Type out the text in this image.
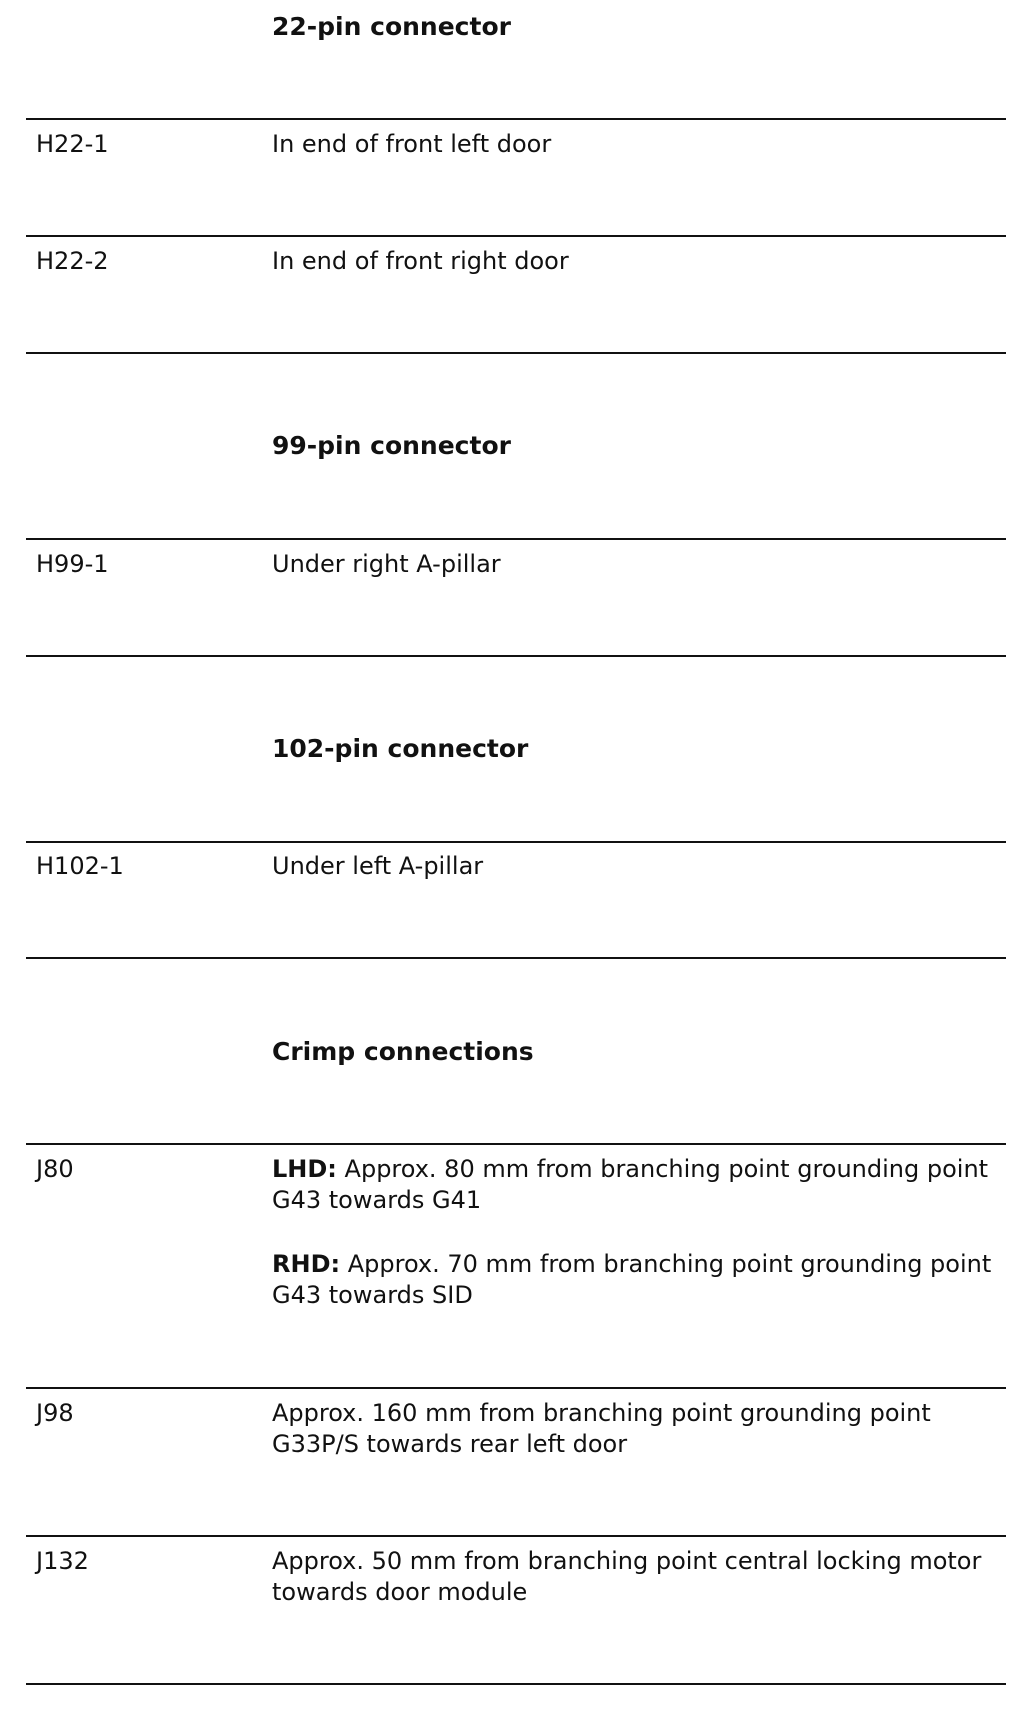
22-pin connector
H22-1	In end of front left door
H22-2	In end of front right door
99-pin connector
H99-1	Under right A-pillar
102-pin connector
H102-1	Under left A-pillar
Crimp connections
J80	LHD: Approx. 80 mm from branching point grounding point G43 towards G41

RHD: Approx. 70 mm from branching point grounding point G43 towards SID

J98	Approx. 160 mm from branching point grounding point G33P/S towards rear left door
J132	Approx. 50 mm from branching point central locking motor towards door module
